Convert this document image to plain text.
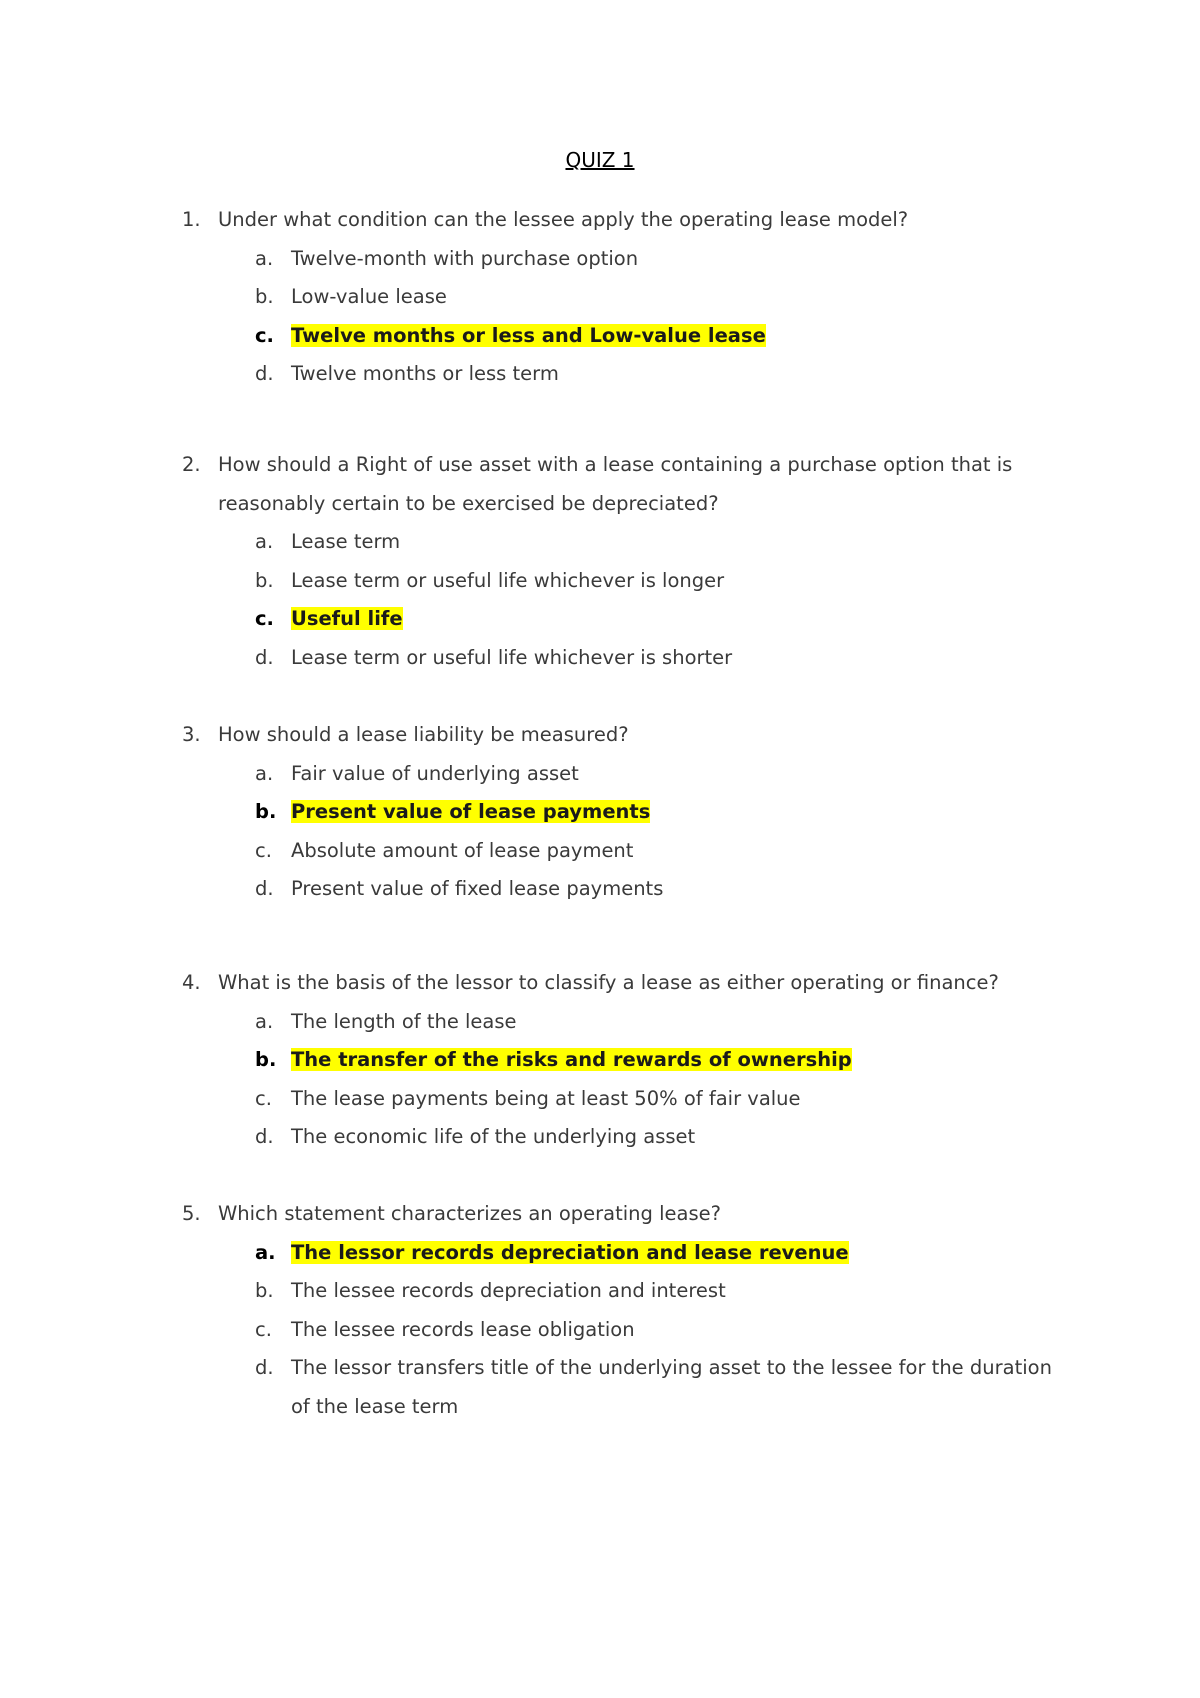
QUIZ 1
1. Under what condition can the lessee apply the operating lease model?
a. Twelve-month with purchase option
b. Low-value lease
c. Twelve months or less and Low-value lease
d. Twelve months or less term
2. How should a Right of use asset with a lease containing a purchase option that is reasonably certain to be exercised be depreciated?
a. Lease term
b. Lease term or useful life whichever is longer
c. Useful life
d. Lease term or useful life whichever is shorter
3. How should a lease liability be measured?
a. Fair value of underlying asset
b. Present value of lease payments
c. Absolute amount of lease payment
d. Present value of fixed lease payments
4. What is the basis of the lessor to classify a lease as either operating or finance?
a. The length of the lease
b. The transfer of the risks and rewards of ownership
c. The lease payments being at least 50% of fair value
d. The economic life of the underlying asset
5. Which statement characterizes an operating lease?
a. The lessor records depreciation and lease revenue
b. The lessee records depreciation and interest
c. The lessee records lease obligation
d. The lessor transfers title of the underlying asset to the lessee for the duration of the lease term
